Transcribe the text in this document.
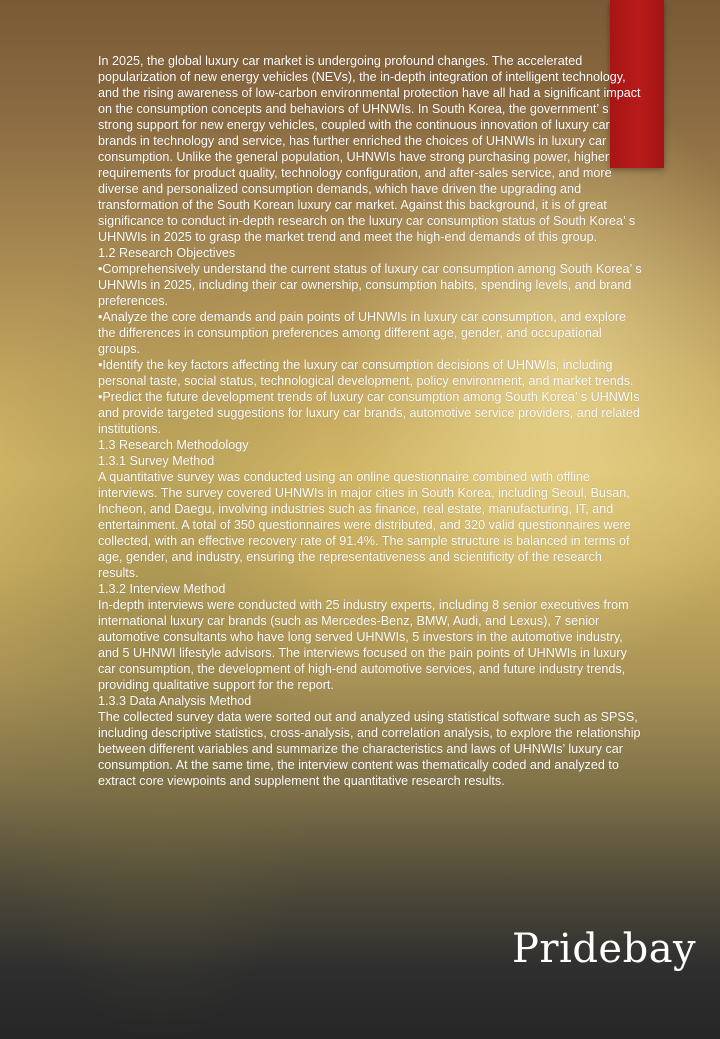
In 2025, the global luxury car market is undergoing profound changes. The accelerated popularization of new energy vehicles (NEVs), the in-depth integration of intelligent technology, and the rising awareness of low-carbon environmental protection have all had a significant impact on the consumption concepts and behaviors of UHNWIs. In South Korea, the government’ s strong support for new energy vehicles, coupled with the continuous innovation of luxury car brands in technology and service, has further enriched the choices of UHNWIs in luxury car consumption. Unlike the general population, UHNWIs have strong purchasing power, higher requirements for product quality, technology configuration, and after-sales service, and more diverse and personalized consumption demands, which have driven the upgrading and transformation of the South Korean luxury car market. Against this background, it is of great significance to conduct in-depth research on the luxury car consumption status of South Korea’ s UHNWIs in 2025 to grasp the market trend and meet the high-end demands of this group.

1.2 Research Objectives

•Comprehensively understand the current status of luxury car consumption among South Korea’ s UHNWIs in 2025, including their car ownership, consumption habits, spending levels, and brand preferences.

•Analyze the core demands and pain points of UHNWIs in luxury car consumption, and explore the differences in consumption preferences among different age, gender, and occupational groups.

•Identify the key factors affecting the luxury car consumption decisions of UHNWIs, including personal taste, social status, technological development, policy environment, and market trends.

•Predict the future development trends of luxury car consumption among South Korea’ s UHNWIs and provide targeted suggestions for luxury car brands, automotive service providers, and related institutions.

1.3 Research Methodology

1.3.1 Survey Method

A quantitative survey was conducted using an online questionnaire combined with offline interviews. The survey covered UHNWIs in major cities in South Korea, including Seoul, Busan, Incheon, and Daegu, involving industries such as finance, real estate, manufacturing, IT, and entertainment. A total of 350 questionnaires were distributed, and 320 valid questionnaires were collected, with an effective recovery rate of 91.4%. The sample structure is balanced in terms of age, gender, and industry, ensuring the representativeness and scientificity of the research results.

1.3.2 Interview Method

In-depth interviews were conducted with 25 industry experts, including 8 senior executives from international luxury car brands (such as Mercedes-Benz, BMW, Audi, and Lexus), 7 senior automotive consultants who have long served UHNWIs, 5 investors in the automotive industry, and 5 UHNWI lifestyle advisors. The interviews focused on the pain points of UHNWIs in luxury car consumption, the development of high-end automotive services, and future industry trends, providing qualitative support for the report.

1.3.3 Data Analysis Method

The collected survey data were sorted out and analyzed using statistical software such as SPSS, including descriptive statistics, cross-analysis, and correlation analysis, to explore the relationship between different variables and summarize the characteristics and laws of UHNWIs’ luxury car consumption. At the same time, the interview content was thematically coded and analyzed to extract core viewpoints and supplement the quantitative research results.

Pridebay
